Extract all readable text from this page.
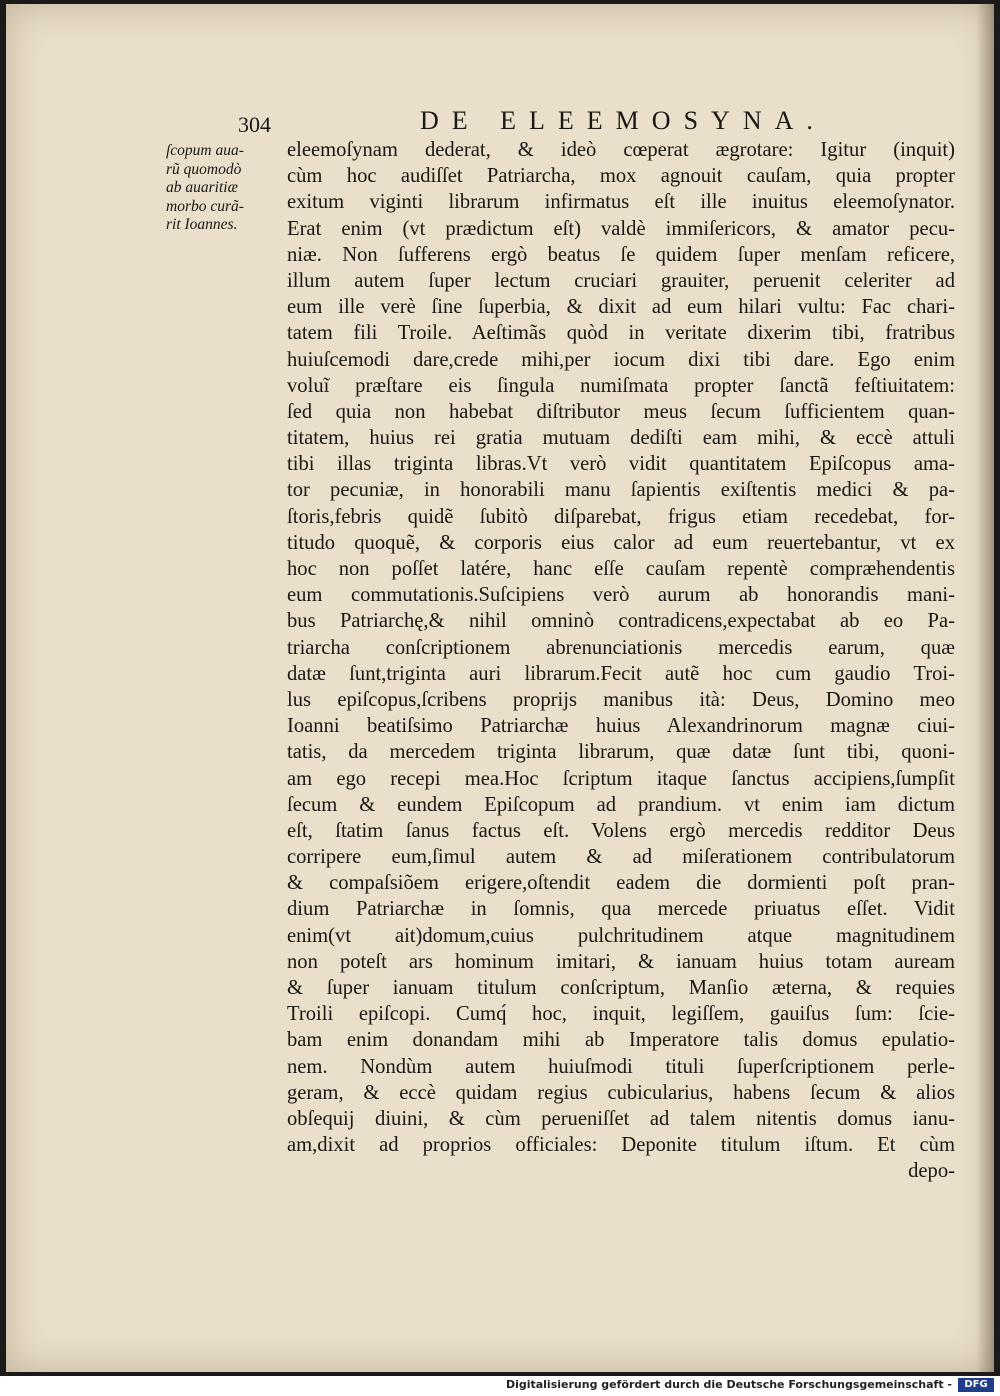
304	DE ELEEMOSYNA.
ſcopum aua-
rũ quomodò
ab auaritiæ
morbo curã-
rit Ioannes.
eleemoſynam dederat, & ideò cœperat ægrotare: Igitur (inquit)
cùm hoc audiſſet Patriarcha, mox agnouit cauſam, quia propter
exitum viginti librarum infirmatus eſt ille inuitus eleemoſynator.
Erat enim (vt prædictum eſt) valdè immiſericors, & amator pecu-
niæ. Non ſufferens ergò beatus ſe quidem ſuper menſam reficere,
illum autem ſuper lectum cruciari grauiter, peruenit celeriter ad
eum ille verè ſine ſuperbia, & dixit ad eum hilari vultu: Fac chari-
tatem fili Troile. Aeſtimãs quòd in veritate dixerim tibi, fratribus
huiuſcemodi dare,crede mihi,per iocum dixi tibi dare. Ego enim
voluĩ præſtare eis ſingula numiſmata propter ſanctã feſtiuitatem:
ſed quia non habebat diſtributor meus ſecum ſufficientem quan-
titatem, huius rei gratia mutuam dediſti eam mihi, & eccè attuli
tibi illas triginta libras.Vt verò vidit quantitatem Epiſcopus ama-
tor pecuniæ, in honorabili manu ſapientis exiſtentis medici & pa-
ſtoris,febris quidẽ ſubitò diſparebat, frigus etiam recedebat, for-
titudo quoquẽ, & corporis eius calor ad eum reuertebantur, vt ex
hoc non poſſet latére, hanc eſſe cauſam repentè compræhendentis
eum commutationis.Suſcipiens verò aurum ab honorandis mani-
bus Patriarchę,& nihil omninò contradicens,expectabat ab eo Pa-
triarcha conſcriptionem abrenunciationis mercedis earum, quæ
datæ ſunt,triginta auri librarum.Fecit autẽ hoc cum gaudio Troi-
lus epiſcopus,ſcribens proprijs manibus ità: Deus, Domino meo
Ioanni beatiſsimo Patriarchæ huius Alexandrinorum magnæ ciui-
tatis, da mercedem triginta librarum, quæ datæ ſunt tibi, quoni-
am ego recepi mea.Hoc ſcriptum itaque ſanctus accipiens,ſumpſit
ſecum & eundem Epiſcopum ad prandium. vt enim iam dictum
eſt, ſtatim ſanus factus eſt. Volens ergò mercedis redditor Deus
corripere eum,ſimul autem & ad miſerationem contribulatorum
& compaſsiõem erigere,oſtendit eadem die dormienti poſt pran-
dium Patriarchæ in ſomnis, qua mercede priuatus eſſet. Vidit
enim(vt ait)domum,cuius pulchritudinem atque magnitudinem
non poteſt ars hominum imitari, & ianuam huius totam auream
& ſuper ianuam titulum conſcriptum, Manſio æterna, & requies
Troili epiſcopi. Cumq́ hoc, inquit, legiſſem, gauiſus ſum: ſcie-
bam enim donandam mihi ab Imperatore talis domus epulatio-
nem. Nondùm autem huiuſmodi tituli ſuperſcriptionem perle-
geram, & eccè quidam regius cubicularius, habens ſecum & alios
obſequij diuini, & cùm perueniſſet ad talem nitentis domus ianu-
am,dixit ad proprios officiales: Deponite titulum iſtum. Et cùm
depo-
Digitalisierung gefördert durch die Deutsche Forschungsgemeinschaft -	DFG
